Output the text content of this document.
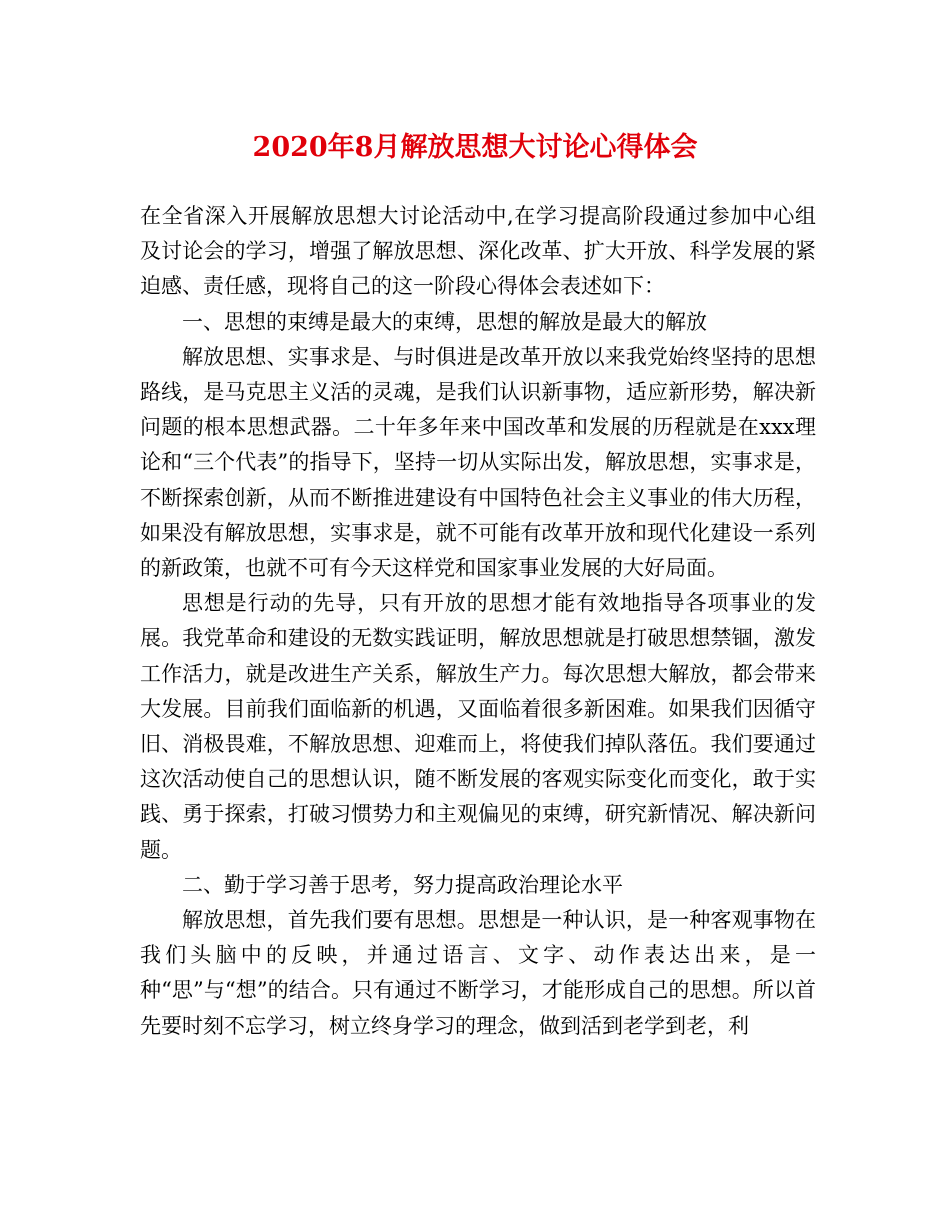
2020年8月解放思想大讨论心得体会

在全省深入开展解放思想大讨论活动中,在学习提高阶段通过参加中心组及讨论会的学习，增强了解放思想、深化改革、扩大开放、科学发展的紧迫感、责任感，现将自己的这一阶段心得体会表述如下：

一、思想的束缚是最大的束缚，思想的解放是最大的解放

解放思想、实事求是、与时俱进是改革开放以来我党始终坚持的思想路线，是马克思主义活的灵魂，是我们认识新事物，适应新形势，解决新问题的根本思想武器。二十年多年来中国改革和发展的历程就是在xxx理论和“三个代表”的指导下，坚持一切从实际出发，解放思想，实事求是，不断探索创新，从而不断推进建设有中国特色社会主义事业的伟大历程，如果没有解放思想，实事求是，就不可能有改革开放和现代化建设一系列的新政策，也就不可有今天这样党和国家事业发展的大好局面。

思想是行动的先导，只有开放的思想才能有效地指导各项事业的发展。我党革命和建设的无数实践证明，解放思想就是打破思想禁锢，激发工作活力，就是改进生产关系，解放生产力。每次思想大解放，都会带来大发展。目前我们面临新的机遇，又面临着很多新困难。如果我们因循守旧、消极畏难，不解放思想、迎难而上，将使我们掉队落伍。我们要通过这次活动使自己的思想认识，随不断发展的客观实际变化而变化，敢于实践、勇于探索，打破习惯势力和主观偏见的束缚，研究新情况、解决新问题。

二、勤于学习善于思考，努力提高政治理论水平

解放思想，首先我们要有思想。思想是一种认识，是一种客观事物在我们头脑中的反映，并通过语言、文字、动作表达出来，是一种“思”与“想”的结合。只有通过不断学习，才能形成自己的思想。所以首先要时刻不忘学习，树立终身学习的理念，做到活到老学到老，利
